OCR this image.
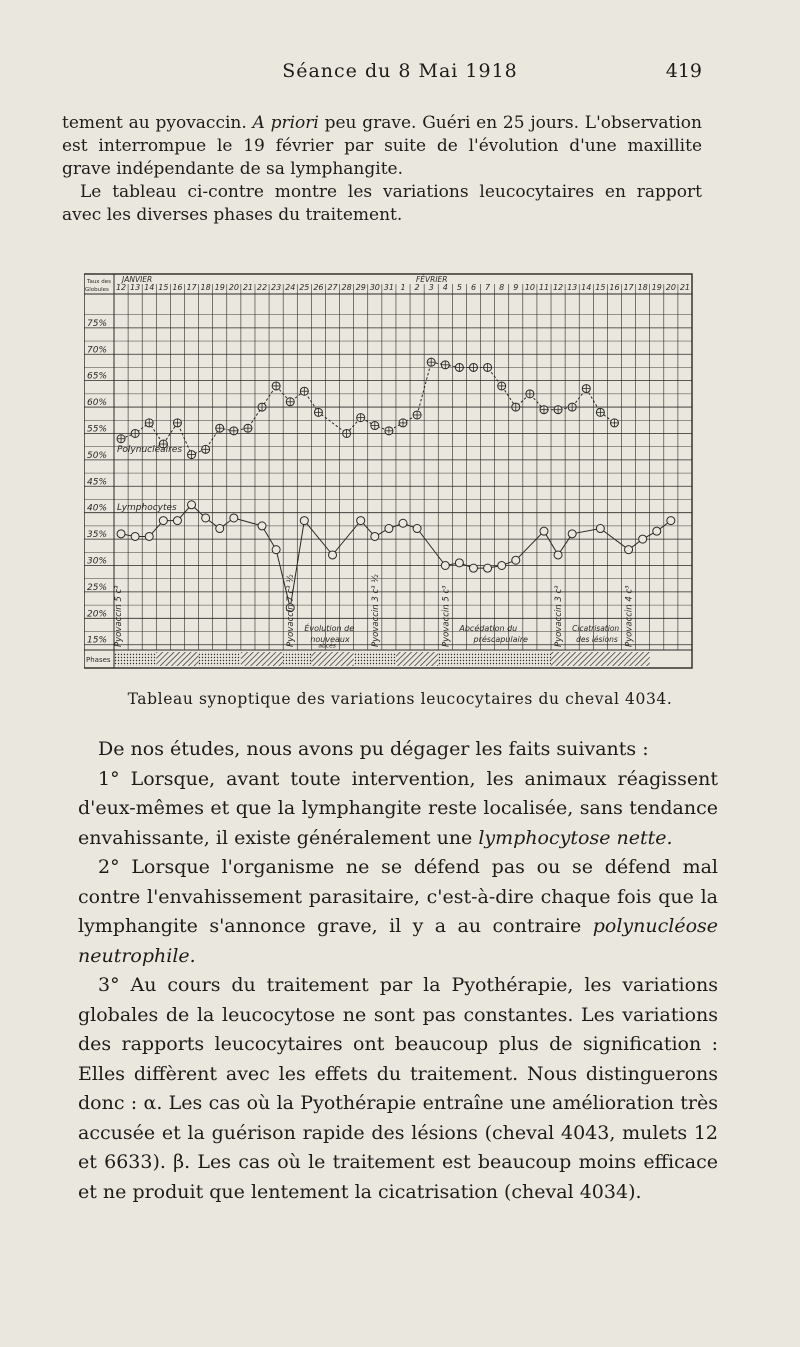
Séance du 8 Mai 1918	419

tement au pyovaccin. A priori peu grave. Guéri en 25 jours. L'observation est interrompue le 19 février par suite de l'évolution d'une maxillite grave indépendante de sa lymphangite.

Le tableau ci-contre montre les variations leucocytaires en rapport avec les diverses phases du traitement.

Taux des
Globules
JANVIER	FÉVRIER
12 13 14 15 16 17 18 19 20 21 22 23 24 25 26 27 28 29 30 31 1 2 3 4 5 6 7 8 9 10 11 12 13 14 15 16 17 18 19 20 21
15%
20%
25%
30%
35%
40%
45%
50%
55%
60%
65%
70%
75%
Polynucléaires
Lymphocytes
Pyovaccin 5 c³	Pyovaccin 7 c³ ½	Pyovaccin 3 c³ ½	Pyovaccin 5 c³	Pyovaccin 3 c³	Pyovaccin 4 c³
Évolution de
nouveaux
abcès
Abcédation du
préscapulaire
Cicatrisation
des lésions
Phases
Tableau synoptique des variations leucocytaires du cheval 4034.

De nos études, nous avons pu dégager les faits suivants :

1° Lorsque, avant toute intervention, les animaux réagissent d'eux-mêmes et que la lymphangite reste localisée, sans tendance envahissante, il existe généralement une lymphocytose nette.

2° Lorsque l'organisme ne se défend pas ou se défend mal contre l'envahissement parasitaire, c'est-à-dire chaque fois que la lymphangite s'annonce grave, il y a au contraire polynucléose neutrophile.

3° Au cours du traitement par la Pyothérapie, les variations globales de la leucocytose ne sont pas constantes. Les variations des rapports leucocytaires ont beaucoup plus de signification : Elles diffèrent avec les effets du traitement. Nous distinguerons donc : α. Les cas où la Pyothérapie entraîne une amélioration très accusée et la guérison rapide des lésions (cheval 4043, mulets 12 et 6633). β. Les cas où le traitement est beaucoup moins efficace et ne produit que lentement la cicatrisation (cheval 4034).
